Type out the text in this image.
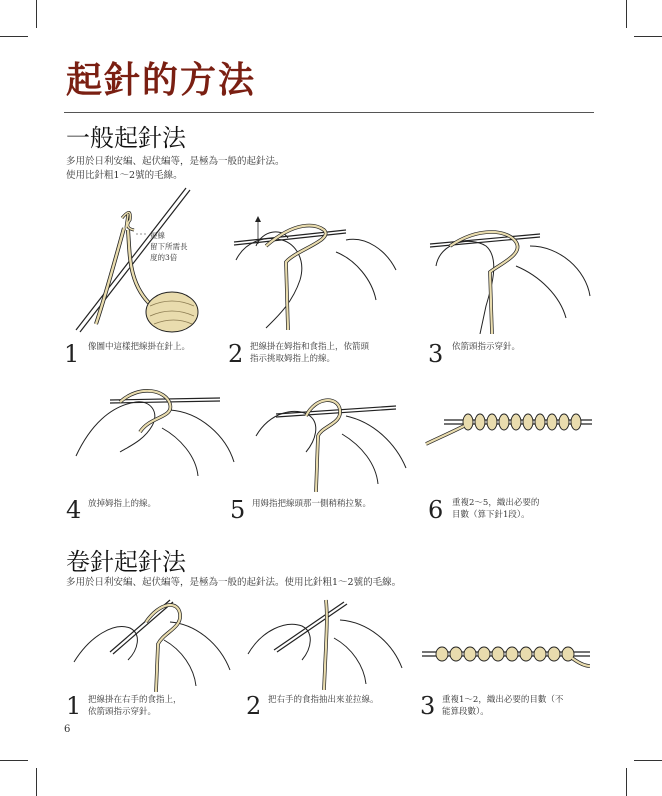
起針的方法
一般起針法
多用於日利安編、起伏編等，是極為一般的起針法。
使用比針粗1～2號的毛線。
短線
留下所需長
度的3倍
1 像圖中這樣把線掛在針上。 2 把線掛在姆指和食指上，依箭頭
指示挑取姆指上的線。	3 依箭頭指示穿針。
4 放掉姆指上的線。	5 用姆指把線頭那一側稍稍拉緊。 6 重複2～5，織出必要的
目數（算下針1段）。
卷針起針法
多用於日利安編、起伏編等，是極為一般的起針法。使用比針粗1～2號的毛線。
1 把線掛在右手的食指上，
依箭頭指示穿針。	2 把右手的食指抽出來並拉線。 3 重複1～2，織出必要的目數（不
能算段數）。
6
